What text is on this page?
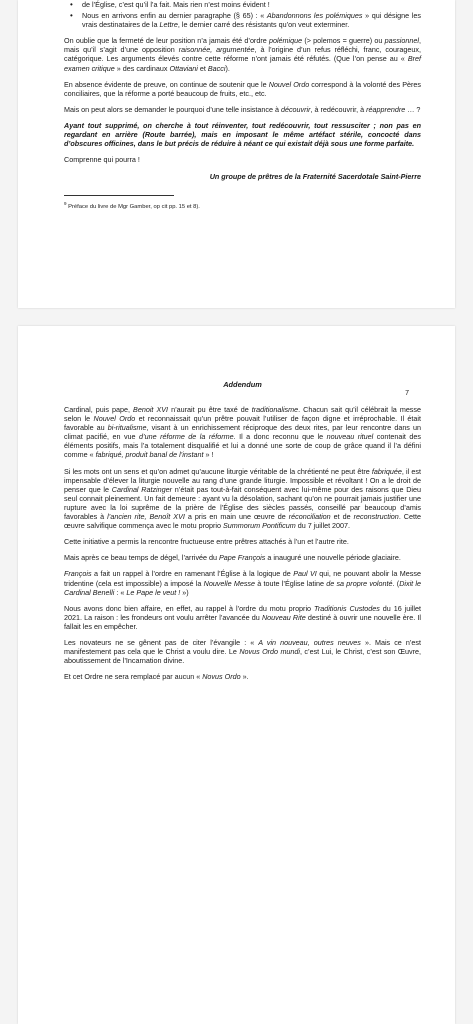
• de l’Église, c’est qu’il l’a fait. Mais rien n’est moins évident !
• Nous en arrivons enfin au dernier paragraphe (§ 65) : « Abandonnons les polémiques » qui désigne les vrais destinataires de la Lettre, le dernier carré des résistants qu’on veut exterminer.

On oublie que la fermeté de leur position n’a jamais été d’ordre polémique (> polemos = guerre) ou passionnel, mais qu’il s’agit d’une opposition raisonnée, argumentée, à l’origine d’un refus réfléchi, franc, courageux, catégorique. Les arguments élevés contre cette réforme n’ont jamais été réfutés. (Que l’on pense au « Bref examen critique » des cardinaux Ottaviani et Bacci).

En absence évidente de preuve, on continue de soutenir que le Nouvel Ordo correspond à la volonté des Pères conciliaires, que la réforme a porté beaucoup de fruits, etc., etc.

Mais on peut alors se demander le pourquoi d’une telle insistance à découvrir, à redécouvrir, à réapprendre … ?

Ayant tout supprimé, on cherche à tout réinventer, tout redécouvrir, tout ressusciter ; non pas en regardant en arrière (Route barrée), mais en imposant le même artéfact stérile, concocté dans d’obscures officines, dans le but précis de réduire à néant ce qui existait déjà sous une forme parfaite.

Comprenne qui pourra !

Un groupe de prêtres de la Fraternité Sacerdotale Saint-Pierre
$^9$ Préface du livre de Mgr Gamber, op cit pp. 15 et 8).
7
Addendum

Cardinal, puis pape, Benoit XVI n’aurait pu être taxé de traditionalisme. Chacun sait qu’il célébrait la messe selon le Nouvel Ordo et reconnaissait qu’un prêtre pouvait l’utiliser de façon digne et irréprochable. Il était favorable au bi-ritualisme, visant à un enrichissement réciproque des deux rites, par leur rencontre dans un climat pacifié, en vue d’une réforme de la réforme. Il a donc reconnu que le nouveau rituel contenait des éléments positifs, mais l’a totalement disqualifié et lui a donné une sorte de coup de grâce quand il l’a défini comme « fabriqué, produit banal de l’instant » !

Si les mots ont un sens et qu’on admet qu’aucune liturgie véritable de la chrétienté ne peut être fabriquée, il est impensable d’élever la liturgie nouvelle au rang d’une grande liturgie. Impossible et révoltant ! On a le droit de penser que le Cardinal Ratzinger n’était pas tout-à-fait conséquent avec lui-même pour des raisons que Dieu seul connait pleinement. Un fait demeure : ayant vu la désolation, sachant qu’on ne pourrait jamais justifier une rupture avec la loi suprême de la prière de l’Église des siècles passés, conseillé par beaucoup d’amis favorables à l’ancien rite, Benoît XVI a pris en main une œuvre de réconciliation et de reconstruction. Cette œuvre salvifique commença avec le motu proprio Summorum Pontificum du 7 juillet 2007.

Cette initiative a permis la rencontre fructueuse entre prêtres attachés à l’un et l’autre rite.

Mais après ce beau temps de dégel, l’arrivée du Pape François a inauguré une nouvelle période glaciaire.

François a fait un rappel à l’ordre en ramenant l’Église à la logique de Paul VI qui, ne pouvant abolir la Messe tridentine (cela est impossible) a imposé la Nouvelle Messe à toute l’Église latine de sa propre volonté. (Dixit le Cardinal Benelli : « Le Pape le veut ! »)

Nous avons donc bien affaire, en effet, au rappel à l’ordre du motu proprio Traditionis Custodes du 16 juillet 2021. La raison : les frondeurs ont voulu arrêter l’avancée du Nouveau Rite destiné à ouvrir une nouvelle ère. Il fallait les en empêcher.

Les novateurs ne se gênent pas de citer l’évangile : « A vin nouveau, outres neuves ». Mais ce n’est manifestement pas cela que le Christ a voulu dire. Le Novus Ordo mundi, c’est Lui, le Christ, c’est son Œuvre, aboutissement de l’Incarnation divine.

Et cet Ordre ne sera remplacé par aucun « Novus Ordo ».
